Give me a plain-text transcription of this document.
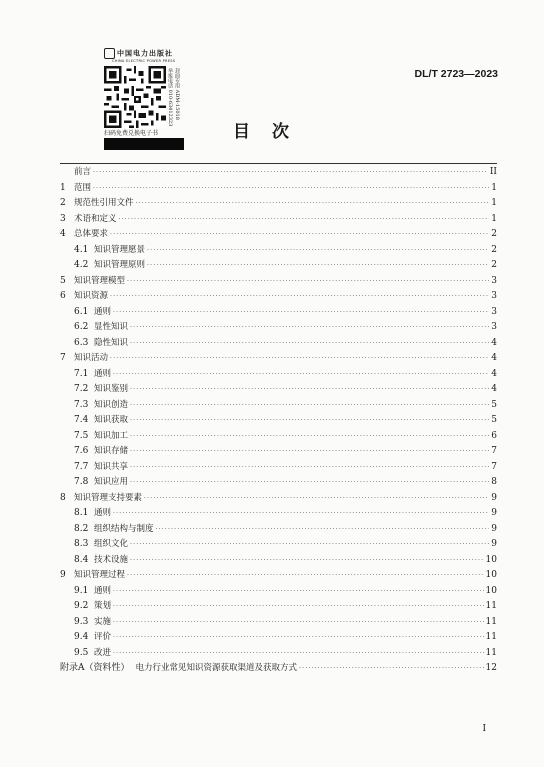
中国电力出版社
CHINA ELECTRIC POWER PRESS
封面专用 ADM-15018
举报电话 010-63412323
扫码免费兑换电子书
DL/T 2723—2023
目次
前言 ·····	II
1 范围 ·····	1
2 规范性引用文件 ·····	1
3 术语和定义 ·····	1
4 总体要求 ·····	2
4.1 知识管理愿景 ·····	2
4.2 知识管理原则 ·····	2
5 知识管理模型 ·····	3
6 知识资源 ·····	3
6.1 通则 ·····	3
6.2 显性知识 ·····	3
6.3 隐性知识 ·····	4
7 知识活动 ·····	4
7.1 通则 ·····	4
7.2 知识鉴别 ·····	4
7.3 知识创造 ·····	5
7.4 知识获取 ·····	5
7.5 知识加工 ·····	6
7.6 知识存储 ·····	7
7.7 知识共享 ·····	7
7.8 知识应用 ·····	8
8 知识管理支持要素 ·····	9
8.1 通则 ·····	9
8.2 组织结构与制度 ·····	9
8.3 组织文化 ·····	9
8.4 技术设施 ·····	10
9 知识管理过程 ·····	10
9.1 通则 ·····	10
9.2 策划 ·····	11
9.3 实施 ·····	11
9.4 评价 ·····	11
9.5 改进 ·····	11
附录A（资料性） 电力行业常见知识资源获取渠道及获取方式 ·····	12
I
